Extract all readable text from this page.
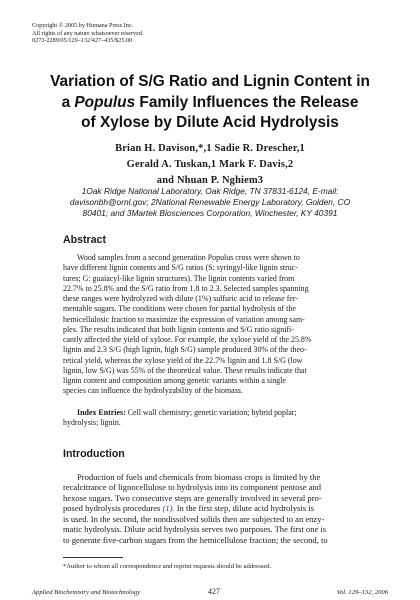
Copyright © 2005 by Humana Press Inc.
All rights of any nature whatsoever reserved.
0273-2289/05/129–132/427–435/$25.00
Variation of S/G Ratio and Lignin Content in
a Populus Family Influences the Release
of Xylose by Dilute Acid Hydrolysis
Brian H. Davison,*,1 Sadie R. Drescher,1
Gerald A. Tuskan,1 Mark F. Davis,2
and Nhuan P. Nghiem3
1Oak Ridge National Laboratory, Oak Ridge, TN 37831-6124, E-mail:
davisonbh@ornl.gov; 2National Renewable Energy Laboratory, Golden, CO
80401; and 3Martek Biosciences Corporation, Winchester, KY 40391
Abstract
Wood samples from a second generation Populus cross were shown to
have different lignin contents and S/G ratios (S: syringyl-like lignin struc-
tures; G: guaiacyl-like lignin structures). The lignin contents varied from
22.7% to 25.8% and the S/G ratio from 1.8 to 2.3. Selected samples spanning
these ranges were hydrolyzed with dilute (1%) sulfuric acid to release fer-
mentable sugars. The conditions were chosen for partial hydrolysis of the
hemicellulosic fraction to maximize the expression of variation among sam-
ples. The results indicated that both lignin contents and S/G ratio signifi-
cantly affected the yield of xylose. For example, the xylose yield of the 25.8%
lignin and 2.3 S/G (high lignin, high S/G) sample produced 30% of the theo-
retical yield, whereas the xylose yield of the 22.7% lignin and 1.8 S/G (low
lignin, low S/G) was 55% of the theoretical value. These results indicate that
lignin content and composition among genetic variants within a single
species can influence the hydrolyzability of the biomass.
Index Entries: Cell wall chemistry; genetic variation; hybrid poplar;
hydrolysis; lignin.
Introduction
Production of fuels and chemicals from biomass crops is limited by the
recalcitrance of lignocellulose to hydrolysis into its component pentose and
hexose sugars. Two consecutive steps are generally involved in several pro-
posed hydrolysis procedures (1). In the first step, dilute acid hydrolysis is
is used. In the second, the nondissolved solids then are subjected to an enzy-
matic hydrolysis. Dilute acid hydrolysis serves two purposes. The first one is
to generate five-carbon sugars from the hemicellulose fraction; the second, to
*Author to whom all correspondence and reprint requests should be addressed.
Applied Biochemistry and Biotechnology	427	Vol. 129–132, 2006
